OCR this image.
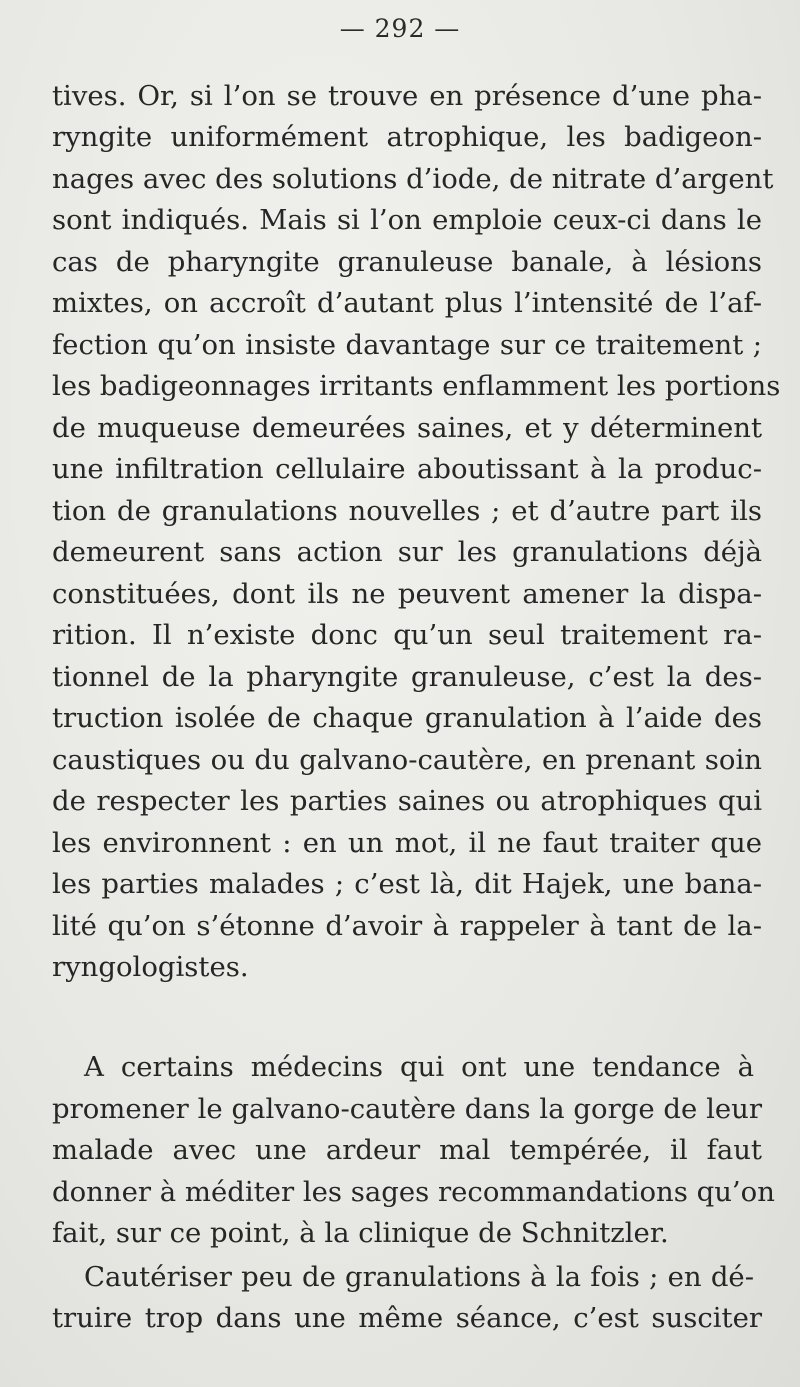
— 292 —
tives. Or, si l’on se trouve en présence d’une pha-
ryngite uniformément atrophique, les badigeon-
nages avec des solutions d’iode, de nitrate d’argent
sont indiqués. Mais si l’on emploie ceux-ci dans le
cas de pharyngite granuleuse banale, à lésions
mixtes, on accroît d’autant plus l’intensité de l’af-
fection qu’on insiste davantage sur ce traitement ;
les badigeonnages irritants enflamment les portions
de muqueuse demeurées saines, et y déterminent
une infiltration cellulaire aboutissant à la produc-
tion de granulations nouvelles ; et d’autre part ils
demeurent sans action sur les granulations déjà
constituées, dont ils ne peuvent amener la dispa-
rition. Il n’existe donc qu’un seul traitement ra-
tionnel de la pharyngite granuleuse, c’est la des-
truction isolée de chaque granulation à l’aide des
caustiques ou du galvano-cautère, en prenant soin
de respecter les parties saines ou atrophiques qui
les environnent : en un mot, il ne faut traiter que
les parties malades ; c’est là, dit Hajek, une bana-
lité qu’on s’étonne d’avoir à rappeler à tant de la-
ryngologistes.
A certains médecins qui ont une tendance à
promener le galvano-cautère dans la gorge de leur
malade avec une ardeur mal tempérée, il faut
donner à méditer les sages recommandations qu’on
fait, sur ce point, à la clinique de Schnitzler.
Cautériser peu de granulations à la fois ; en dé-
truire trop dans une même séance, c’est susciter
